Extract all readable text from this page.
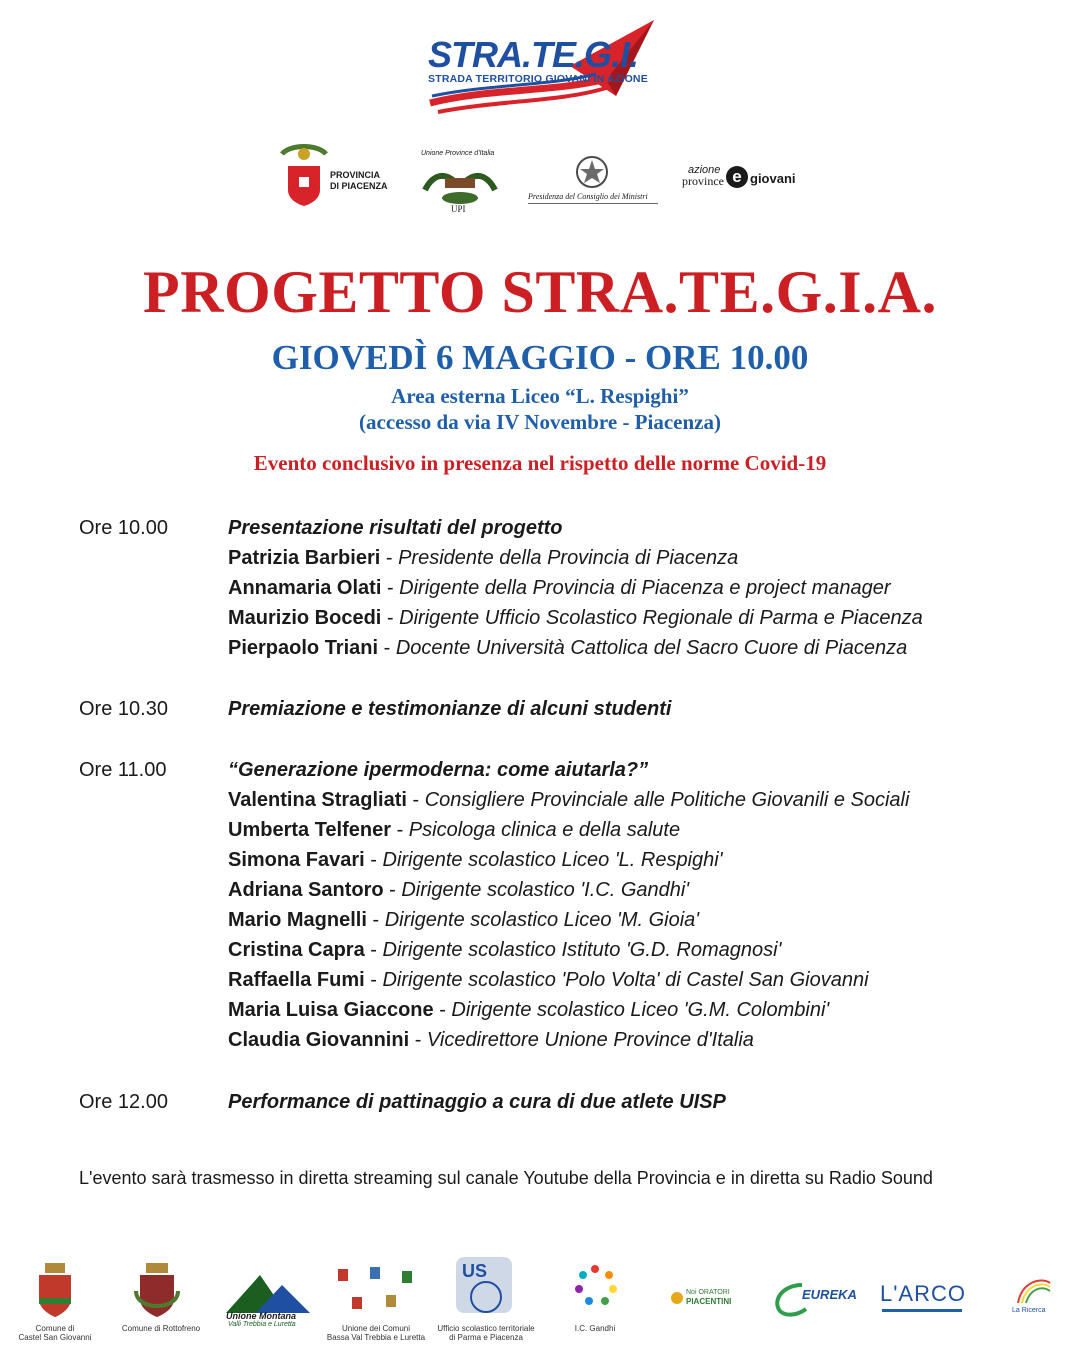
STRA.TE.G.I.
STRADA TERRITORIO GIOVANI IN AZIONE
PROVINCIA
DI PIACENZA
Unione Province d'Italia
UPI
Presidenza del Consiglio dei Ministri
azione
province e giovani
PROGETTO STRA.TE.G.I.A.
GIOVEDÌ 6 MAGGIO - ORE 10.00
Area esterna Liceo “L. Respighi”
(accesso da via IV Novembre - Piacenza)
Evento conclusivo in presenza nel rispetto delle norme Covid-19
Ore 10.00	Presentazione risultati del progetto
Patrizia Barbieri - Presidente della Provincia di Piacenza
Annamaria Olati - Dirigente della Provincia di Piacenza e project manager
Maurizio Bocedi - Dirigente Ufficio Scolastico Regionale di Parma e Piacenza
Pierpaolo Triani - Docente Università Cattolica del Sacro Cuore di Piacenza
Ore 10.30	Premiazione e testimonianze di alcuni studenti
Ore 11.00	“Generazione ipermoderna: come aiutarla?”
Valentina Stragliati - Consigliere Provinciale alle Politiche Giovanili e Sociali
Umberta Telfener - Psicologa clinica e della salute
Simona Favari - Dirigente scolastico Liceo 'L. Respighi'
Adriana Santoro - Dirigente scolastico 'I.C. Gandhi'
Mario Magnelli - Dirigente scolastico Liceo 'M. Gioia'
Cristina Capra - Dirigente scolastico Istituto 'G.D. Romagnosi'
Raffaella Fumi - Dirigente scolastico 'Polo Volta' di Castel San Giovanni
Maria Luisa Giaccone - Dirigente scolastico Liceo 'G.M. Colombini'
Claudia Giovannini - Vicedirettore Unione Province d'Italia
Ore 12.00	Performance di pattinaggio a cura di due atlete UISP
L'evento sarà trasmesso in diretta streaming sul canale Youtube della Provincia e in diretta su Radio Sound
Comune di
Castel San Giovanni
Comune di Rottofreno
Unione Montana
Valli Trebbia e Luretta	Unione dei Comuni
Bassa Val Trebbia e Luretta
US
Ufficio scolastico territoriale
di Parma e Piacenza
I.C. Gandhi
Noi ORATORI
PIACENTINI	EUREKA L'ARCO
La Ricerca
